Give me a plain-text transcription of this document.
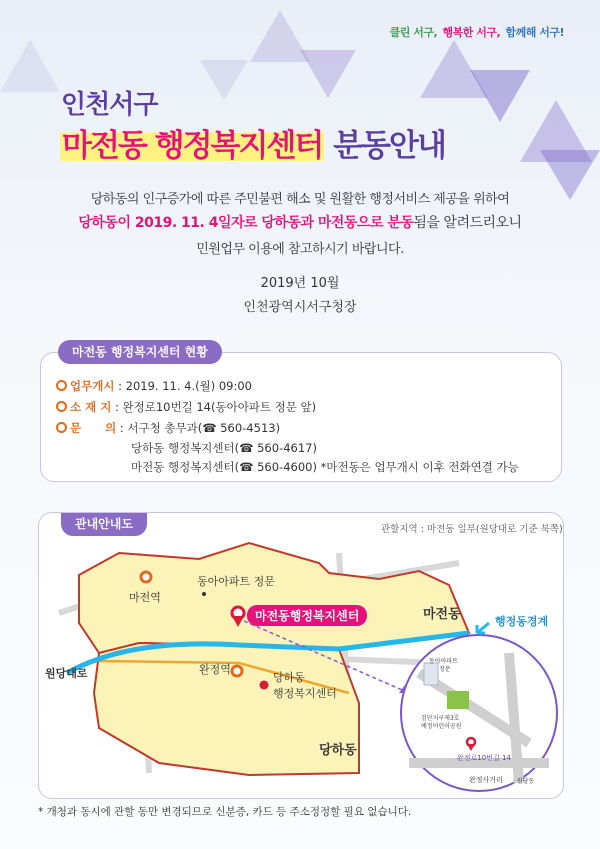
클린 서구, 행복한 서구, 함께해 서구!
인천서구
마전동 행정복지센터 분동안내
당하동의 인구증가에 따른 주민불편 해소 및 원활한 행정서비스 제공을 위하여
당하동이 2019. 11. 4일자로 당하동과 마전동으로 분동됨을 알려드리오니
민원업무 이용에 참고하시기 바랍니다.
2019년 10월
인천광역시서구청장
마전동 행정복지센터 현황
업무개시 : 2019. 11. 4.(월) 09:00
소 재 지 : 완정로10번길 14(동아아파트 정문 앞)
문      의 : 서구청 총무과(☎ 560-4513)
당하동 행정복지센터(☎ 560-4617)
마전동 행정복지센터(☎ 560-4600) *마전동은 업무개시 이후 전화연결 가능
관내안내도	관할지역 : 마전동 일부(원당대로 기준 북쪽)
마전역
동아아파트 정문
마전동행정복지센터	마전동	행정동경계
원당대로	완정역
당하동
행정복지센터
당하동
동아아파트
정문
검단지구제3호
예정어린이공원
완정로10번길 14
완정사거리 · 원당동
* 개청과 동시에 관할 동만 변경되므로 신분증, 카드 등 주소정정할 필요 없습니다.
